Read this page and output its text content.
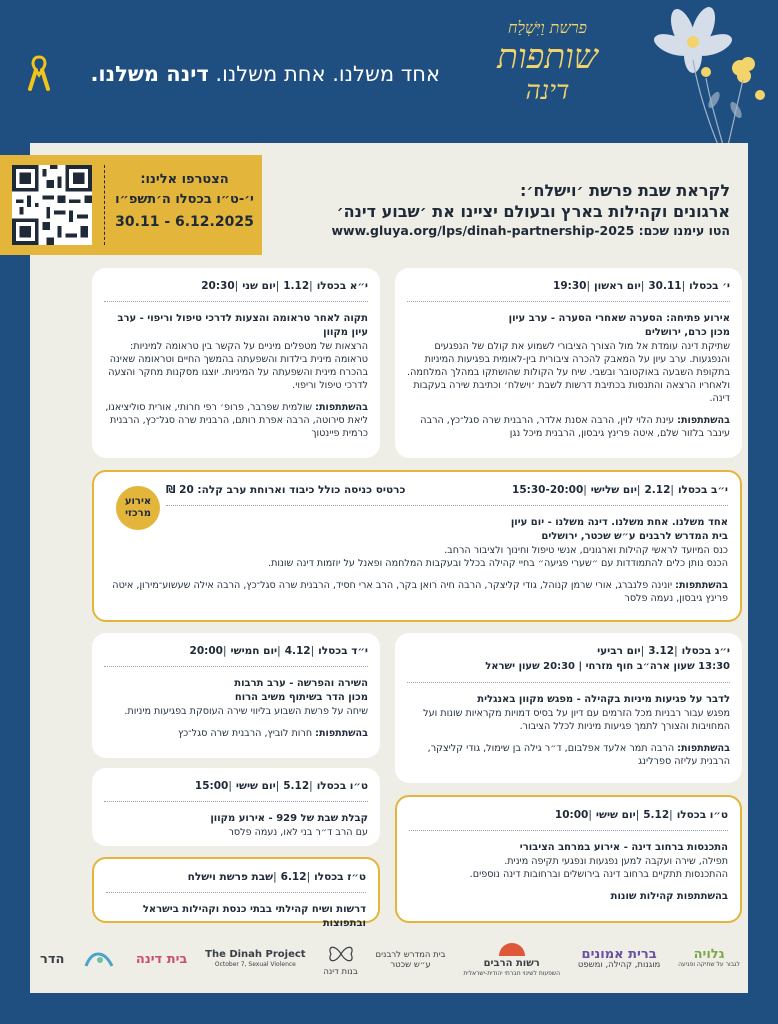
אחד משלנו. אחת משלנו. דינה משלנו.
פרשת וַיִּשְׁלַח
שותפות
דינה
הצטרפו אלינו:
י׳-ט״ו בכסלו ה׳תשפ״ו
30.11 - 6.12.2025
לקראת שבת פרשת ׳וישלח׳:
ארגונים וקהילות בארץ ובעולם יציינו את ׳שבוע דינה׳
הטו עימנו שכם: www.gluya.org/lps/dinah-partnership-2025
י׳ בכסלו|30.11|יום ראשון|19:30
אירוע פתיחה: הסערה שאחרי הסערה - ערב עיון
מכון כרם, ירושלים
שתיקת דינה עומדת אל מול הצורך הציבורי לשמוע את קולם של הנפגעים והנפגעות. ערב עיון על המאבק להכרה ציבורית בין-לאומית בפגיעות המיניות בתקופת השבעה באוקטובר ובשבי. שיח על הקולות שהושתקו במהלך המלחמה. ולאחריו הרצאה והתנסות בכתיבת דרשות לשבת ׳וישלח׳ וכתיבת שירה בעקבות דינה.
בהשתתפות: עינת הלוי לוין, הרבה אסנת אלדר, הרבנית שרה סגל־כץ, הרבה עינבר בלזור שלם, איטה פרינץ גיבסון, הרבנית מיכל נגן
י״א בכסלו|1.12|יום שני|20:30
תקוה לאחר טראומה והצעות לדרכי טיפול וריפוי - ערב עיון מקוון
הרצאות של מטפלים מיניים על הקשר בין טראומה למיניות: טראומה מינית בילדות והשפעתה בהמשך החיים וטראומה שאינה בהכרח מינית והשפעתה על המיניות. יוצגו מסקנות מחקר והצעה לדרכי טיפול וריפוי.
בהשתתפות: שולמית שפרבר, פרופ׳ רפי חרותי, אורית סוליציאנו, ליאת סירוטה, הרבה אפרת רותם, הרבנית שרה סגל־כץ, הרבנית כרמית פיינטוך
אירוע מרכזי
י״ב בכסלו|2.12|יום שלישי|15:30-20:00
כרטיס כניסה כולל כיבוד וארוחת ערב קלה: 20 ₪
אחד משלנו. אחת משלנו. דינה משלנו - יום עיון
בית המדרש לרבנים ע״ש שכטר, ירושלים
כנס המיועד לראשי קהילות וארגונים, אנשי טיפול וחינוך ולציבור הרחב.
הכנס נותן כלים להתמודדות עם ״שערי פגיעה״ בחיי קהילה בכלל ובעקבות המלחמה ופאנל על יוזמות דינה שונות.
בהשתתפות: יונינה פלנברג, אורי שרמן קנוהל, גודי קליצקר, הרבה חיה רואן בקר, הרב ארי חסיד, הרבנית שרה סגל־כץ, הרבה אילה שעשוע־מירון, איטה פרינץ גיבסון, נעמה פלסר
י״ג בכסלו|3.12|יום רביעי
13:30 שעון ארה״ב חוף מזרחי | 20:30 שעון ישראל
לדבר על פגיעות מיניות בקהילה - מפגש מקוון באנגלית
מפגש עבור רבניות מכל הזרמים עם דיון על בסיס דמויות מקראיות שונות ועל המחויבות והצורך לתמך פגיעות מיניות לכלל הציבור.
בהשתתפות: הרבה תמר אלעד אפלבום, ד״ר גילה בן שימול, גודי קליצקר, הרבנית עליזה ספרלינג
י״ד בכסלו|4.12|יום חמישי|20:00
השירה והפרשה - ערב תרבות
מכון הדר בשיתוף משיב הרוח
שיחה על פרשת השבוע בליווי שירה העוסקת בפגיעות מיניות.
בהשתתפות: חרות לוביץ, הרבנית שרה סגל־כץ
ט״ו בכסלו|5.12|יום שישי|15:00
קבלת שבת של 929 - אירוע מקוון
עם הרב ד״ר בני לאו, נעמה פלסר
ט״ו בכסלו|5.12|יום שישי|10:00
התכנסות ברחוב דינה - אירוע במרחב הציבורי
תפילה, שירה ועקבה למען נפגעות ונפגעי תקיפה מינית.
ההתכנסות תתקיים ברחוב דינה בירושלים וברחובות דינה נוספים.
בהשתתפות קהילות שונות
ט״ז בכסלו|6.12|שבת פרשת וישלח
דרשות ושיח קהילתי בבתי כנסת וקהילות בישראל ובתפוצות
הדר	בית דינה The Dinah Project
October 7, Sexual Violence
בנות דינה
בית המדרש לרבנים
ע״ש שכטר	רשות הרבים
השפעות לשינוי חברתי יהודית-ישראלית
ברית אמונים
מוגנות, קהילה, ומשפט
גלויה
לגבור על שתיקה ופגיעה
